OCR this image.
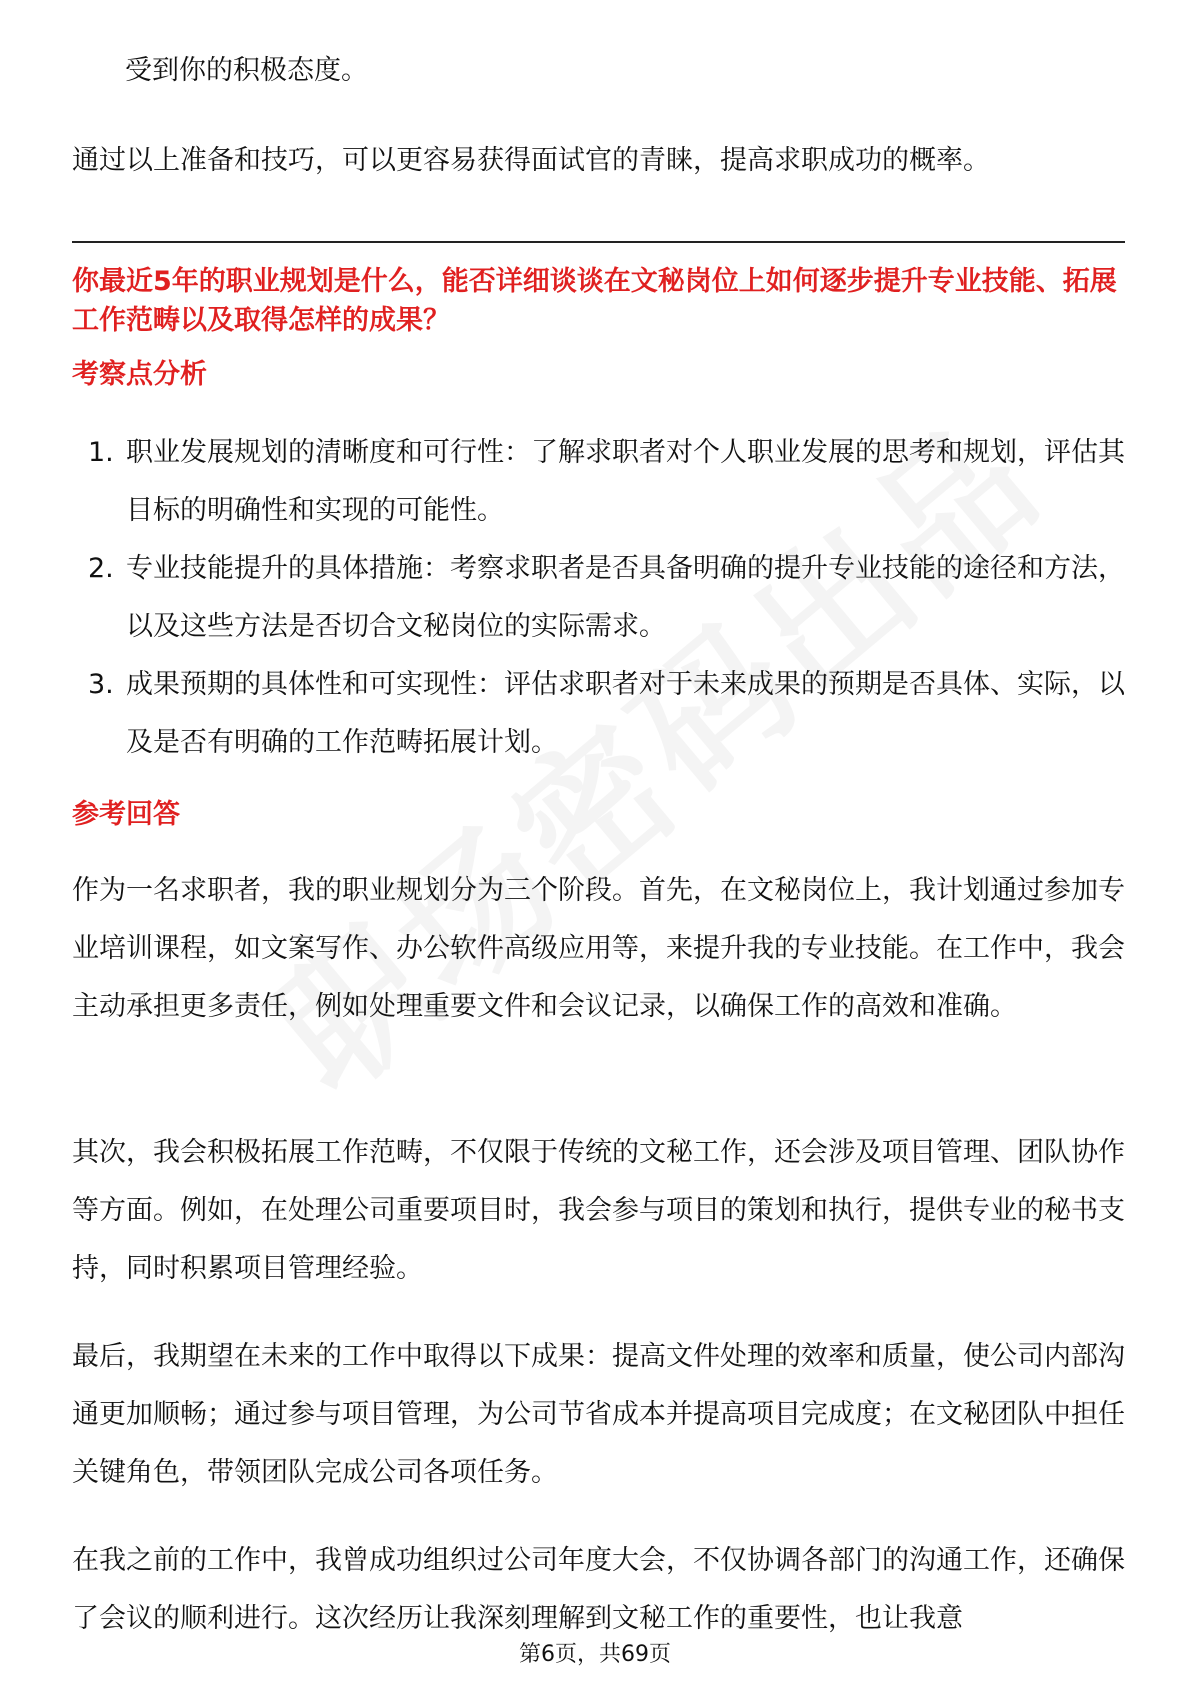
受到你的积极态度。

通过以上准备和技巧，可以更容易获得面试官的青睐，提高求职成功的概率。

你最近5年的职业规划是什么，能否详细谈谈在文秘岗位上如何逐步提升专业技能、拓展工作范畴以及取得怎样的成果？

考察点分析

1. 职业发展规划的清晰度和可行性：了解求职者对个人职业发展的思考和规划，评估其目标的明确性和实现的可能性。
2. 专业技能提升的具体措施：考察求职者是否具备明确的提升专业技能的途径和方法，以及这些方法是否切合文秘岗位的实际需求。
3. 成果预期的具体性和可实现性：评估求职者对于未来成果的预期是否具体、实际，以及是否有明确的工作范畴拓展计划。

参考回答

作为一名求职者，我的职业规划分为三个阶段。首先，在文秘岗位上，我计划通过参加专业培训课程，如文案写作、办公软件高级应用等，来提升我的专业技能。在工作中，我会主动承担更多责任，例如处理重要文件和会议记录，以确保工作的高效和准确。

其次，我会积极拓展工作范畴，不仅限于传统的文秘工作，还会涉及项目管理、团队协作等方面。例如，在处理公司重要项目时，我会参与项目的策划和执行，提供专业的秘书支持，同时积累项目管理经验。

最后，我期望在未来的工作中取得以下成果：提高文件处理的效率和质量，使公司内部沟通更加顺畅；通过参与项目管理，为公司节省成本并提高项目完成度；在文秘团队中担任关键角色，带领团队完成公司各项任务。

在我之前的工作中，我曾成功组织过公司年度大会，不仅协调各部门的沟通工作，还确保了会议的顺利进行。这次经历让我深刻理解到文秘工作的重要性，也让我意

第6页，共69页
